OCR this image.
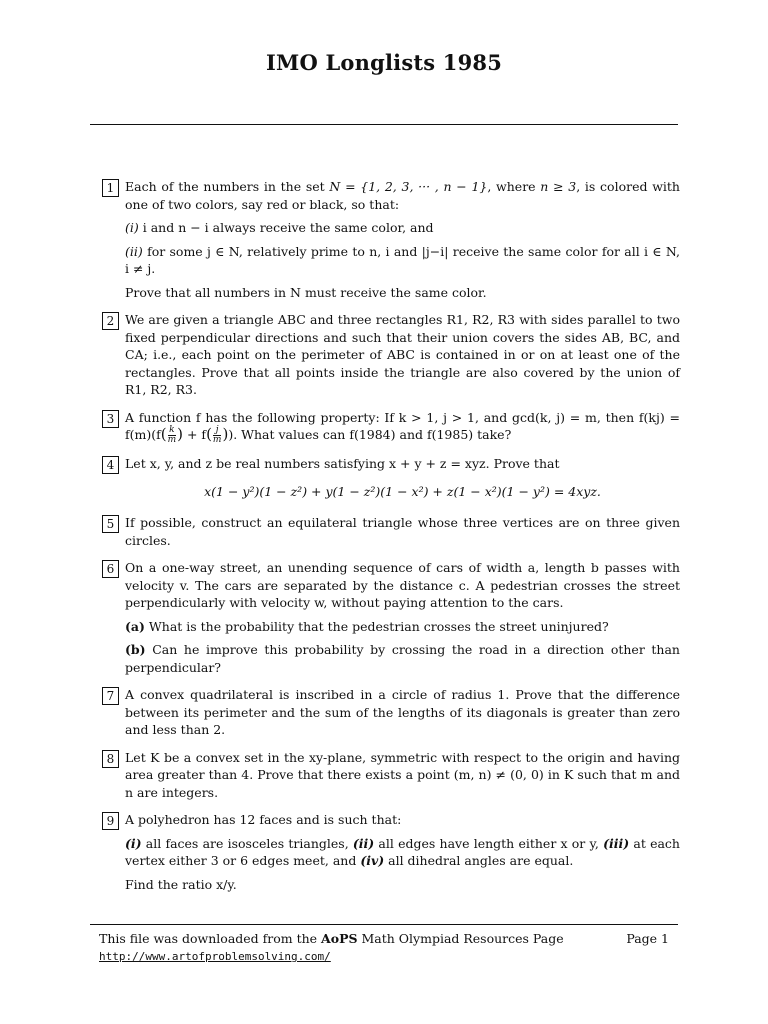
IMO Longlists 1985
1 Each of the numbers in the set N = {1, 2, 3, ··· , n − 1}, where n ≥ 3, is colored with one of two colors, say red or black, so that:

(i) i and n − i always receive the same color, and

(ii) for some j ∈ N, relatively prime to n, i and |j−i| receive the same color for all i ∈ N, i ≠ j.

Prove that all numbers in N must receive the same color.

2 We are given a triangle ABC and three rectangles R1, R2, R3 with sides parallel to two fixed perpendicular directions and such that their union covers the sides AB, BC, and CA; i.e., each point on the perimeter of ABC is contained in or on at least one of the rectangles. Prove that all points inside the triangle are also covered by the union of R1, R2, R3.

3 A function f has the following property: If k > 1, j > 1, and gcd(k, j) = m, then $f(kj) = f(m)(f( \frac{k}{m}$ ) + $f( \frac{j}{m}$ )). What values can f(1984) and f(1985) take?

4 Let x, y, and z be real numbers satisfying x + y + z = xyz. Prove that

x(1 − y²)(1 − z²) + y(1 − z²)(1 − x²) + z(1 − x²)(1 − y²) = 4xyz.
5 If possible, construct an equilateral triangle whose three vertices are on three given circles.

6 On a one-way street, an unending sequence of cars of width a, length b passes with velocity v. The cars are separated by the distance c. A pedestrian crosses the street perpendicularly with velocity w, without paying attention to the cars.

(a) What is the probability that the pedestrian crosses the street uninjured?

(b) Can he improve this probability by crossing the road in a direction other than perpendicular?

7 A convex quadrilateral is inscribed in a circle of radius 1. Prove that the difference between its perimeter and the sum of the lengths of its diagonals is greater than zero and less than 2.

8 Let K be a convex set in the xy-plane, symmetric with respect to the origin and having area greater than 4. Prove that there exists a point (m, n) ≠ (0, 0) in K such that m and n are integers.

9 A polyhedron has 12 faces and is such that:

(i) all faces are isosceles triangles, (ii) all edges have length either x or y, (iii) at each vertex either 3 or 6 edges meet, and (iv) all dihedral angles are equal.

Find the ratio x/y.

This file was downloaded from the AoPS Math Olympiad Resources Page	Page 1
http://www.artofproblemsolving.com/
